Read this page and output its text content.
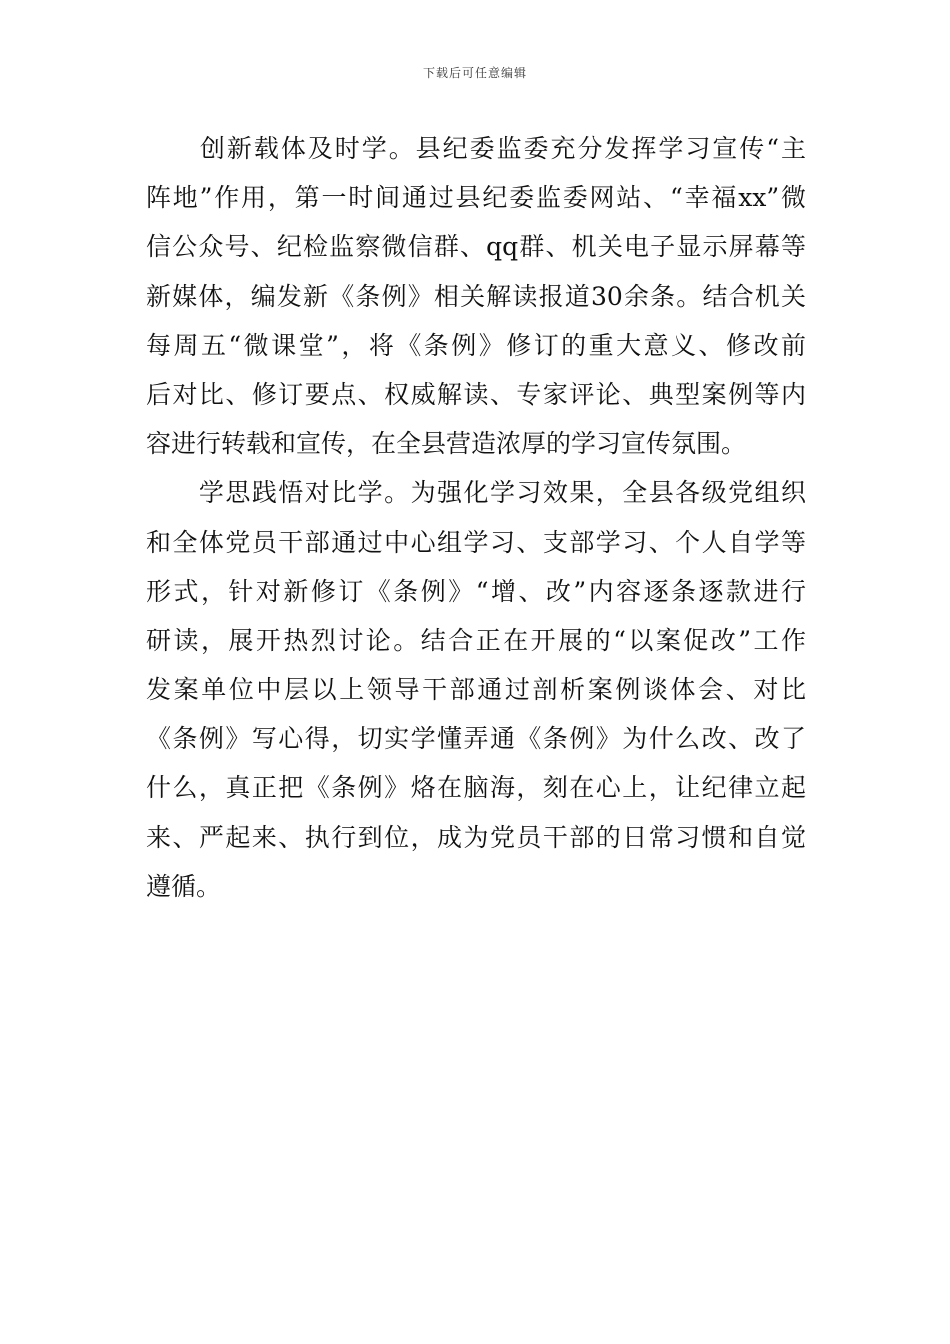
下载后可任意编辑
　　创新载体及时学。县纪委监委充分发挥学习宣传“主
阵地”作用，第一时间通过县纪委监委网站、“幸福xx”微
信公众号、纪检监察微信群、qq群、机关电子显示屏幕等
新媒体，编发新《条例》相关解读报道30余条。结合机关
每周五“微课堂”，将《条例》修订的重大意义、修改前
后对比、修订要点、权威解读、专家评论、典型案例等内
容进行转载和宣传，在全县营造浓厚的学习宣传氛围。
　　学思践悟对比学。为强化学习效果，全县各级党组织
和全体党员干部通过中心组学习、支部学习、个人自学等
形式，针对新修订《条例》“增、改”内容逐条逐款进行
研读，展开热烈讨论。结合正在开展的“以案促改”工作
发案单位中层以上领导干部通过剖析案例谈体会、对比
《条例》写心得，切实学懂弄通《条例》为什么改、改了
什么，真正把《条例》烙在脑海，刻在心上，让纪律立起
来、严起来、执行到位，成为党员干部的日常习惯和自觉
遵循。
